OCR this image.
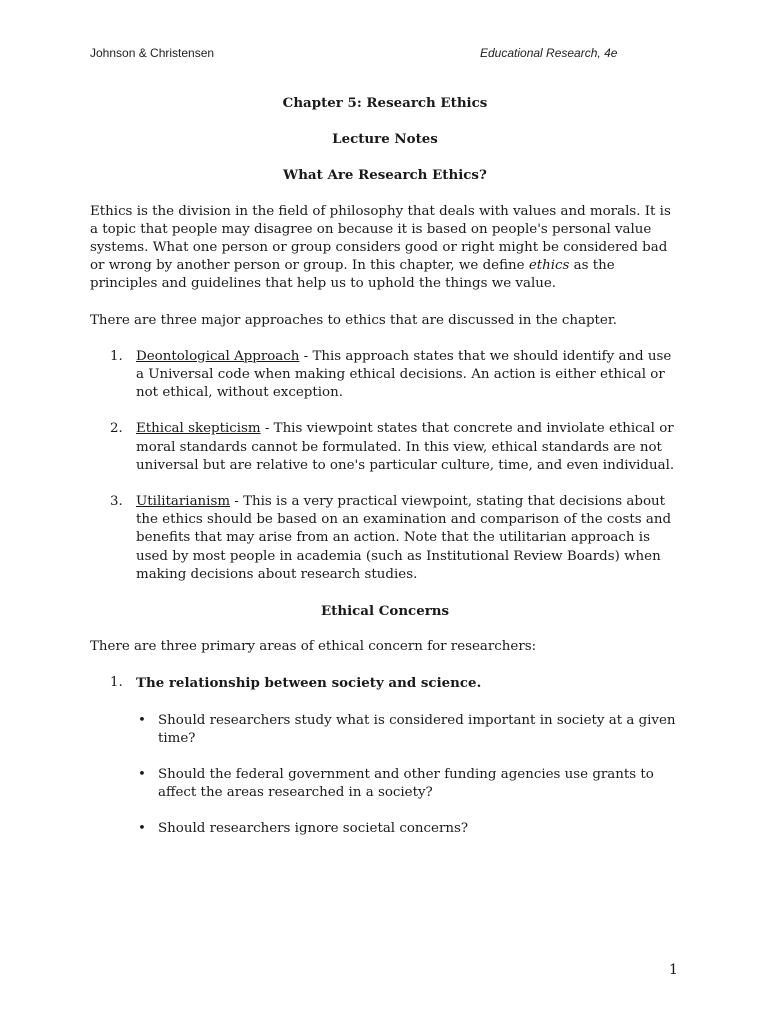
Johnson & Christensen	Educational Research, 4e

Chapter 5: Research Ethics

Lecture Notes

What Are Research Ethics?

Ethics is the division in the field of philosophy that deals with values and morals. It is a topic that people may disagree on because it is based on people's personal value systems. What one person or group considers good or right might be considered bad or wrong by another person or group. In this chapter, we define ethics as the principles and guidelines that help us to uphold the things we value.

There are three major approaches to ethics that are discussed in the chapter.

1. Deontological Approach - This approach states that we should identify and use a Universal code when making ethical decisions. An action is either ethical or not ethical, without exception.
2. Ethical skepticism - This viewpoint states that concrete and inviolate ethical or moral standards cannot be formulated. In this view, ethical standards are not universal but are relative to one's particular culture, time, and even individual.
3. Utilitarianism - This is a very practical viewpoint, stating that decisions about the ethics should be based on an examination and comparison of the costs and benefits that may arise from an action. Note that the utilitarian approach is used by most people in academia (such as Institutional Review Boards) when making decisions about research studies.

Ethical Concerns

There are three primary areas of ethical concern for researchers:

1. The relationship between society and science.
• Should researchers study what is considered important in society at a given time?
• Should the federal government and other funding agencies use grants to affect the areas researched in a society?
• Should researchers ignore societal concerns?
1
